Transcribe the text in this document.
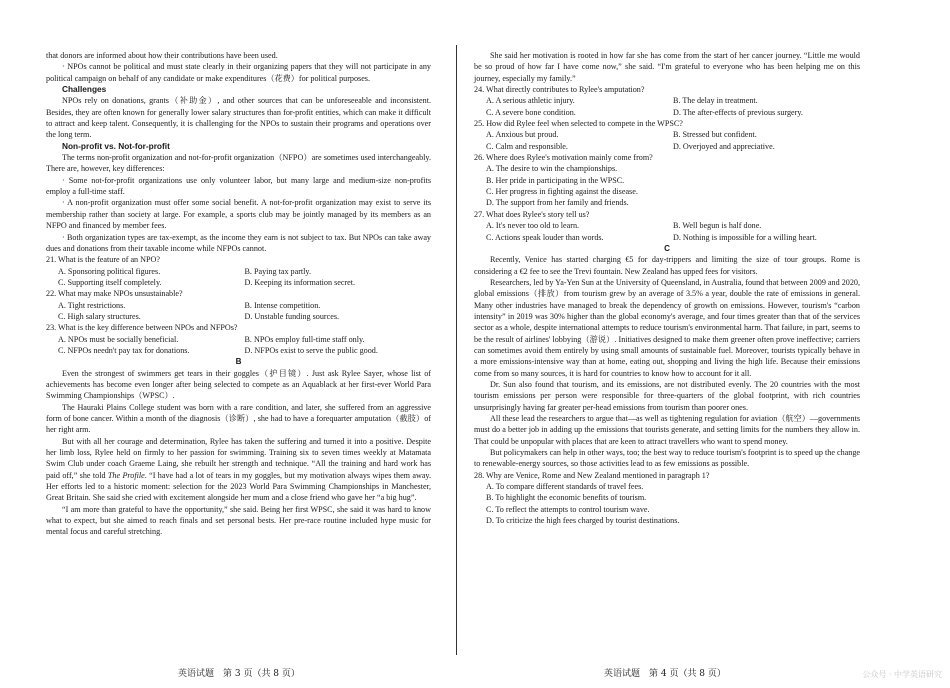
that donors are informed about how their contributions have been used.

· NPOs cannot be political and must state clearly in their organizing papers that they will not participate in any political campaign on behalf of any candidate or make expenditures（花费）for political purposes.

Challenges

NPOs rely on donations, grants（补助金）, and other sources that can be unforeseeable and inconsistent. Besides, they are often known for generally lower salary structures than for-profit entities, which can make it difficult to attract and keep talent. Consequently, it is challenging for the NPOs to sustain their programs and operations over the long term.

Non-profit vs. Not-for-profit

The terms non-profit organization and not-for-profit organization（NFPO）are sometimes used interchangeably. There are, however, key differences:

· Some not-for-profit organizations use only volunteer labor, but many large and medium-size non-profits employ a full-time staff.

· A non-profit organization must offer some social benefit. A not-for-profit organization may exist to serve its membership rather than society at large. For example, a sports club may be jointly managed by its members as an NFPO and financed by member fees.

· Both organization types are tax-exempt, as the income they earn is not subject to tax. But NPOs can take away dues and donations from their taxable income while NFPOs cannot.

21. What is the feature of an NPO?

A. Sponsoring political figures.	B. Paying tax partly.
C. Supporting itself completely.	D. Keeping its information secret.

22. What may make NPOs unsustainable?

A. Tight restrictions.	B. Intense competition.
C. High salary structures.	D. Unstable funding sources.

23. What is the key difference between NPOs and NFPOs?

A. NPOs must be socially beneficial.	B. NPOs employ full-time staff only.
C. NFPOs needn't pay tax for donations.	D. NFPOs exist to serve the public good.

B

Even the strongest of swimmers get tears in their goggles（护目镜）. Just ask Rylee Sayer, whose list of achievements has become even longer after being selected to compete as an Aquablack at her first-ever World Para Swimming Championships（WPSC）.

The Hauraki Plains College student was born with a rare condition, and later, she suffered from an aggressive form of bone cancer. Within a month of the diagnosis（诊断）, she had to have a forequarter amputation（截肢）of her right arm.

But with all her courage and determination, Rylee has taken the suffering and turned it into a positive. Despite her limb loss, Rylee held on firmly to her passion for swimming. Training six to seven times weekly at Matamata Swim Club under coach Graeme Laing, she rebuilt her strength and technique. “All the training and hard work has paid off,” she told The Profile. “I have had a lot of tears in my goggles, but my motivation always wipes them away. Her efforts led to a historic moment: selection for the 2023 World Para Swimming Championships in Manchester, Great Britain. She said she cried with excitement alongside her mum and a close friend who gave her “a big hug”.

“I am more than grateful to have the opportunity,” she said. Being her first WPSC, she said it was hard to know what to expect, but she aimed to reach finals and set personal bests. Her pre-race routine included hype music for mental focus and careful stretching.

She said her motivation is rooted in how far she has come from the start of her cancer journey. “Little me would be so proud of how far I have come now,” she said. “I'm grateful to everyone who has been helping me on this journey, especially my family.”

24. What directly contributes to Rylee's amputation?

A. A serious athletic injury.	B. The delay in treatment.
C. A severe bone condition.	D. The after-effects of previous surgery.

25. How did Rylee feel when selected to compete in the WPSC?

A. Anxious but proud.	B. Stressed but confident.
C. Calm and responsible.	D. Overjoyed and appreciative.

26. Where does Rylee's motivation mainly come from?

A. The desire to win the championships.
B. Her pride in participating in the WPSC.
C. Her progress in fighting against the disease.
D. The support from her family and friends.

27. What does Rylee's story tell us?

A. It's never too old to learn.	B. Well begun is half done.
C. Actions speak louder than words.	D. Nothing is impossible for a willing heart.

C

Recently, Venice has started charging €5 for day-trippers and limiting the size of tour groups. Rome is considering a €2 fee to see the Trevi fountain. New Zealand has upped fees for visitors.

Researchers, led by Ya-Yen Sun at the University of Queensland, in Australia, found that between 2009 and 2020, global emissions（排放）from tourism grew by an average of 3.5% a year, double the rate of emissions in general. Many other industries have managed to break the dependency of growth on emissions. However, tourism's “carbon intensity” in 2019 was 30% higher than the global economy's average, and four times greater than that of the services sector as a whole, despite international attempts to reduce tourism's environmental harm. That failure, in part, seems to be the result of airlines' lobbying（游说）. Initiatives designed to make them greener often prove ineffective; carriers can sometimes avoid them entirely by using small amounts of sustainable fuel. Moreover, tourists typically behave in a more emissions-intensive way than at home, eating out, shopping and living the high life. Because their emissions come from so many sources, it is hard for countries to know how to account for it all.

Dr. Sun also found that tourism, and its emissions, are not distributed evenly. The 20 countries with the most tourism emissions per person were responsible for three-quarters of the global footprint, with rich countries unsurprisingly having far greater per-head emissions from tourism than poorer ones.

All these lead the researchers to argue that—as well as tightening regulation for aviation（航空）—governments must do a better job in adding up the emissions that tourists generate, and setting limits for the numbers they allow in. That could be unpopular with places that are keen to attract travellers who want to spend money.

But policymakers can help in other ways, too; the best way to reduce tourism's footprint is to speed up the change to renewable-energy sources, so those activities lead to as few emissions as possible.

28. Why are Venice, Rome and New Zealand mentioned in paragraph 1?

A. To compare different standards of travel fees.
B. To highlight the economic benefits of tourism.
C. To reflect the attempts to control tourism wave.
D. To criticize the high fees charged by tourist destinations.
英语试题　第 3 页（共 8 页）	英语试题　第 4 页（共 8 页）	公众号 · 中学英语研究
